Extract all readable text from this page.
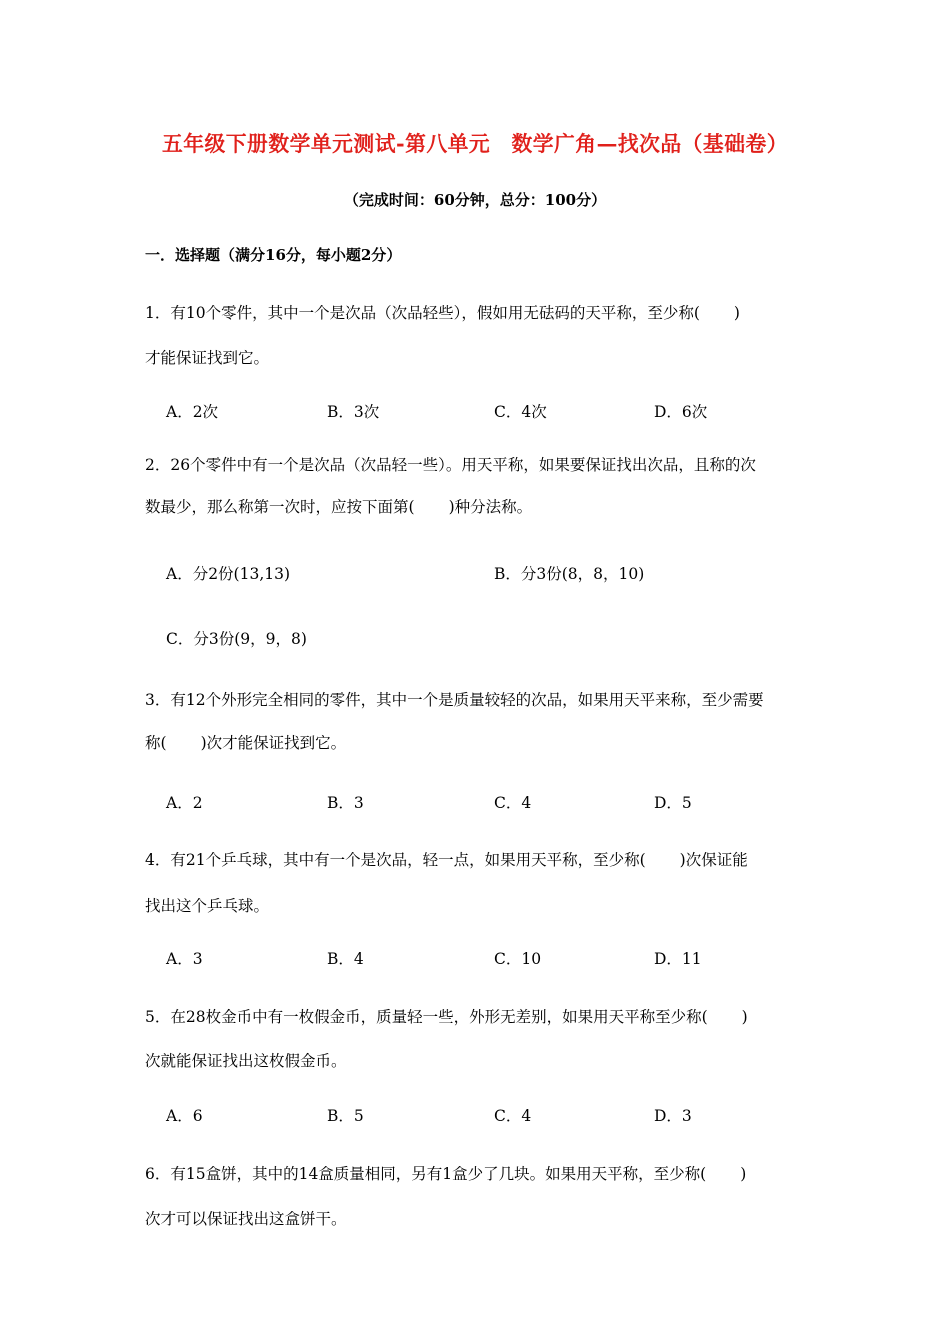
五年级下册数学单元测试-第八单元　数学广角—找次品（基础卷）
（完成时间：60分钟，总分：100分）
一．选择题（满分16分，每小题2分）
1．有10个零件，其中一个是次品（次品轻些），假如用无砝码的天平称，至少称( )
才能保证找到它。
A．2次	B．3次	C．4次	D．6次
2．26个零件中有一个是次品（次品轻一些）。用天平称，如果要保证找出次品，且称的次
数最少，那么称第一次时，应按下面第( )种分法称。
A．分2份(13,13)	B．分3份(8，8，10)
C．分3份(9，9，8)
3．有12个外形完全相同的零件，其中一个是质量较轻的次品，如果用天平来称，至少需要
称( )次才能保证找到它。
A．2	B．3	C．4	D．5
4．有21个乒乓球，其中有一个是次品，轻一点，如果用天平称，至少称( )次保证能
找出这个乒乓球。
A．3	B．4	C．10	D．11
5．在28枚金币中有一枚假金币，质量轻一些，外形无差别，如果用天平称至少称( )
次就能保证找出这枚假金币。
A．6	B．5	C．4	D．3
6．有15盒饼，其中的14盒质量相同，另有1盒少了几块。如果用天平称，至少称( )
次才可以保证找出这盒饼干。
